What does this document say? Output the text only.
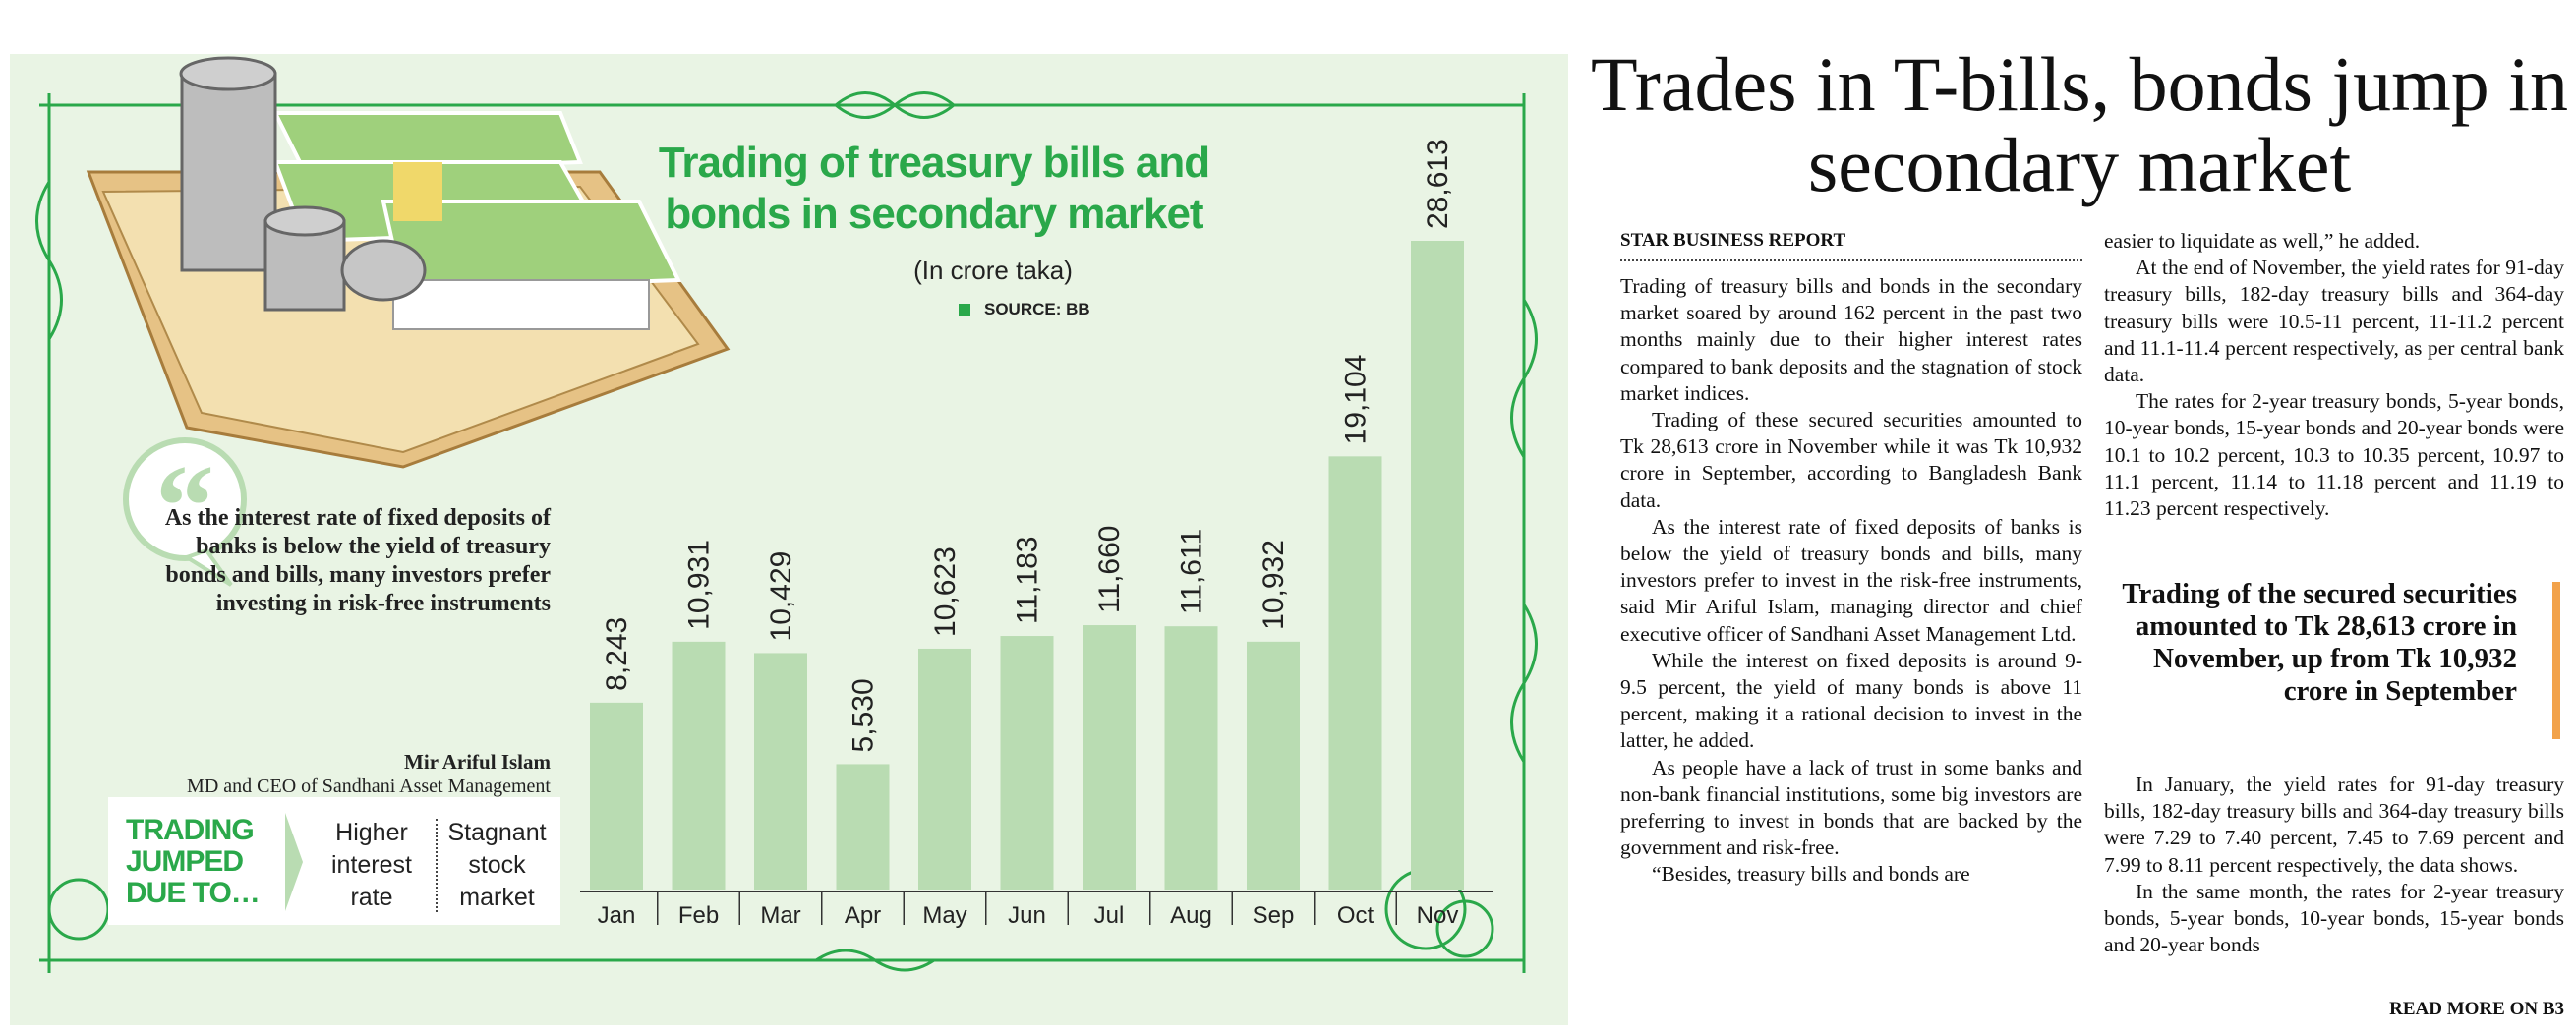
“
8,243
10,931 10,429
5,530
10,623 11,183 11,660 11,611 10,932
19,104
28,613
Jan Feb Mar Apr May Jun Jul Aug Sep Oct Nov
Trading of treasury bills and bonds in secondary market
(In crore taka)
SOURCE: BB
As the interest rate of fixed deposits of banks is below the yield of treasury bonds and bills, many investors prefer investing in risk-free instruments
Mir Ariful Islam
MD and CEO of Sandhani Asset Management
TRADING JUMPED DUE TO…
Higher interest rate
Stagnant stock market
Trades in T-bills, bonds jump in secondary market
STAR BUSINESS REPORT

Trading of treasury bills and bonds in the secondary market soared by around 162 percent in the past two months mainly due to their higher interest rates compared to bank deposits and the stagnation of stock market indices.

Trading of these secured securities amounted to Tk 28,613 crore in November while it was Tk 10,932 crore in September, according to Bangladesh Bank data.

As the interest rate of fixed deposits of banks is below the yield of treasury bonds and bills, many investors prefer to invest in the risk-free instruments, said Mir Ariful Islam, managing director and chief executive officer of Sandhani Asset Management Ltd.

While the interest on fixed deposits is around 9-9.5 percent, the yield of many bonds is above 11 percent, making it a rational decision to invest in the latter, he added.

As people have a lack of trust in some banks and non-bank financial institutions, some big investors are preferring to invest in bonds that are backed by the government and risk-free.

“Besides, treasury bills and bonds are

easier to liquidate as well,” he added.

At the end of November, the yield rates for 91-day treasury bills, 182-day treasury bills and 364-day treasury bills were 10.5-11 percent, 11-11.2 percent and 11.1-11.4 percent respectively, as per central bank data.

The rates for 2-year treasury bonds, 5-year bonds, 10-year bonds, 15-year bonds and 20-year bonds were 10.1 to 10.2 percent, 10.3 to 10.35 percent, 10.97 to 11.1 percent, 11.14 to 11.18 percent and 11.19 to 11.23 percent respectively.

Trading of the secured securities amounted to Tk 28,613 crore in November, up from Tk 10,932 crore in September

In January, the yield rates for 91-day treasury bills, 182-day treasury bills and 364-day treasury bills were 7.29 to 7.40 percent, 7.45 to 7.69 percent and 7.99 to 8.11 percent respectively, the data shows.

In the same month, the rates for 2-year treasury bonds, 5-year bonds, 10-year bonds, 15-year bonds and 20-year bonds

READ MORE ON B3
